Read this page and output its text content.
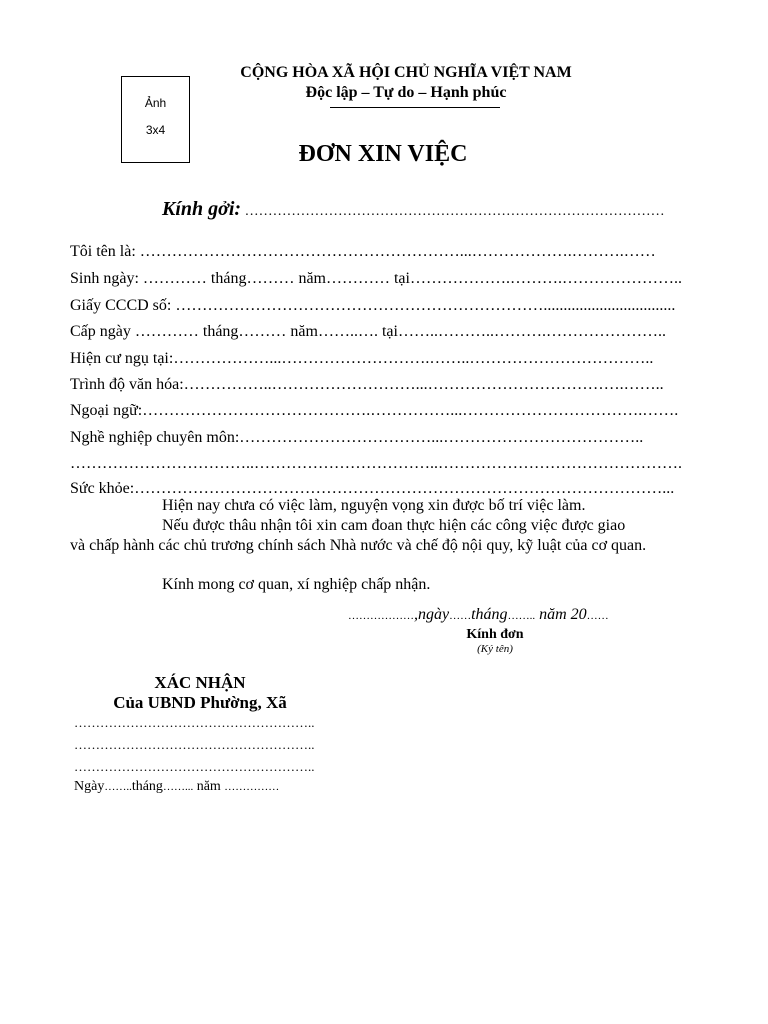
Ảnh
3x4
CỘNG HÒA XÃ HỘI CHỦ NGHĨA VIỆT NAM
Độc lập – Tự do – Hạnh phúc
ĐƠN XIN VIỆC
Kính gởi: ………………………………………………………………………………
Tôi tên là: ……………………………………………………...……………….……….……
Sinh ngày: ………… tháng……… năm………… tại……………….……….…………………..
Giấy CCCD số: …………………………………………………………….................................
Cấp ngày ………… tháng……… năm……..…. tại……..………..……….…………………..
Hiện cư ngụ tại:………………...……………………….……..……………………………..
Trình độ văn hóa:……………..………………………...……………………………….……..
Ngoại ngữ:…………………………………….……………...…………………………….…….
Nghề nghiệp chuyên môn:………………………………...………………………………..
……………………………..……………………………..……………………………………….
Sức khỏe:………………………………………………………………………………………...
Hiện nay chưa có việc làm, nguyện vọng xin được bố trí việc làm.
Nếu được thâu nhận tôi xin cam đoan thực hiện các công việc được giao
và chấp hành các chủ trương chính sách Nhà nước và chế độ nội quy, kỹ luật của cơ quan.
Kính mong cơ quan, xí nghiệp chấp nhận.
………………,ngày……tháng…….. năm 20……
Kính đơn
(Ký tên)
XÁC NHẬN
Của UBND Phường, Xã
………………………………………………..
………………………………………………..
………………………………………………..
Ngày……..tháng……... năm ……………
